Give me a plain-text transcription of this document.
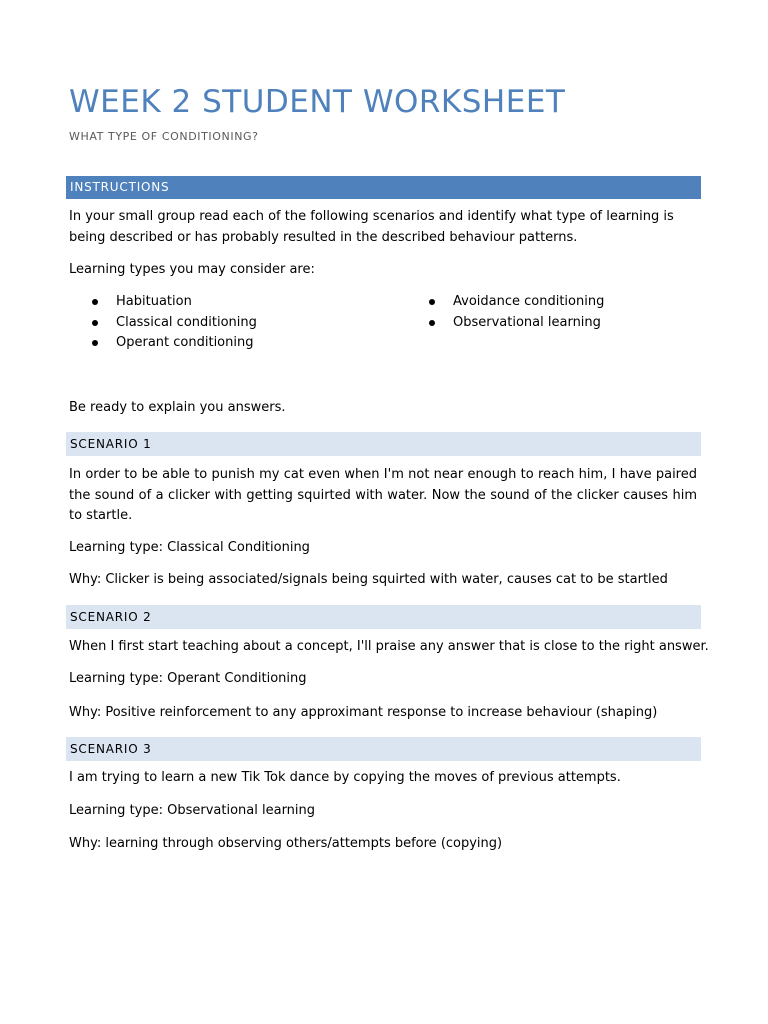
WEEK 2 STUDENT WORKSHEET
WHAT TYPE OF CONDITIONING?
INSTRUCTIONS

In your small group read each of the following scenarios and identify what type of learning is being described or has probably resulted in the described behaviour patterns.

Learning types you may consider are:

Habituation
Classical conditioning
Operant conditioning
Avoidance conditioning
Observational learning

Be ready to explain you answers.

SCENARIO 1

In order to be able to punish my cat even when I'm not near enough to reach him, I have paired the sound of a clicker with getting squirted with water. Now the sound of the clicker causes him to startle.

Learning type: Classical Conditioning

Why: Clicker is being associated/signals being squirted with water, causes cat to be startled

SCENARIO 2

When I first start teaching about a concept, I'll praise any answer that is close to the right answer.

Learning type: Operant Conditioning

Why: Positive reinforcement to any approximant response to increase behaviour (shaping)

SCENARIO 3

I am trying to learn a new Tik Tok dance by copying the moves of previous attempts.

Learning type: Observational learning

Why: learning through observing others/attempts before (copying)
